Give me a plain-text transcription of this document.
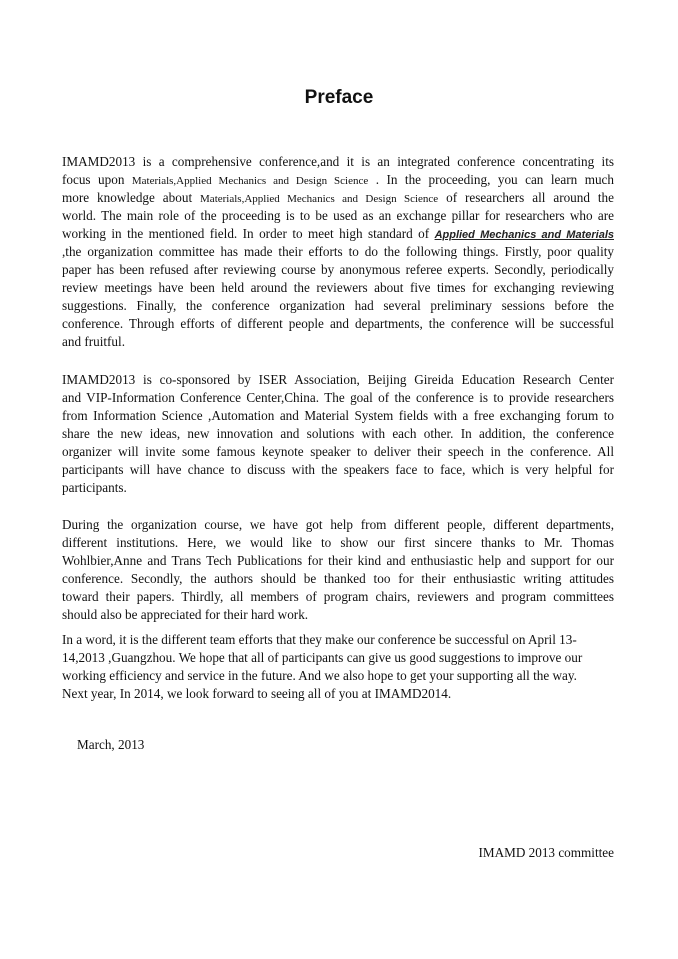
Preface
IMAMD2013 is a comprehensive conference,and it is an integrated conference concentrating its
focus upon Materials,Applied Mechanics and Design Science . In the proceeding, you can learn much
more knowledge about Materials,Applied Mechanics and Design Science of researchers all around the
world. The main role of the proceeding is to be used as an exchange pillar for researchers who are
working in the mentioned field. In order to meet high standard of Applied Mechanics and Materials
,the organization committee has made their efforts to do the following things. Firstly, poor quality
paper has been refused after reviewing course by anonymous referee experts. Secondly, periodically
review meetings have been held around the reviewers about five times for exchanging reviewing
suggestions. Finally, the conference organization had several preliminary sessions before the
conference. Through efforts of different people and departments, the conference will be successful
and fruitful.
IMAMD2013 is co-sponsored by ISER Association, Beijing Gireida Education Research Center
and VIP-Information Conference Center,China. The goal of the conference is to provide researchers
from Information Science ,Automation and Material System fields with a free exchanging forum to
share the new ideas, new innovation and solutions with each other. In addition, the conference
organizer will invite some famous keynote speaker to deliver their speech in the conference. All
participants will have chance to discuss with the speakers face to face, which is very helpful for
participants.
During the organization course, we have got help from different people, different departments,
different institutions. Here, we would like to show our first sincere thanks to Mr. Thomas
Wohlbier,Anne and Trans Tech Publications for their kind and enthusiastic help and support for our
conference. Secondly, the authors should be thanked too for their enthusiastic writing attitudes
toward their papers. Thirdly, all members of program chairs, reviewers and program committees
should also be appreciated for their hard work.
In a word, it is the different team efforts that they make our conference be successful on April 13-
14,2013 ,Guangzhou. We hope that all of participants can give us good suggestions to improve our
working efficiency and service in the future. And we also hope to get your supporting all the way.
Next year, In 2014, we look forward to seeing all of you at IMAMD2014.
March, 2013
IMAMD 2013 committee
